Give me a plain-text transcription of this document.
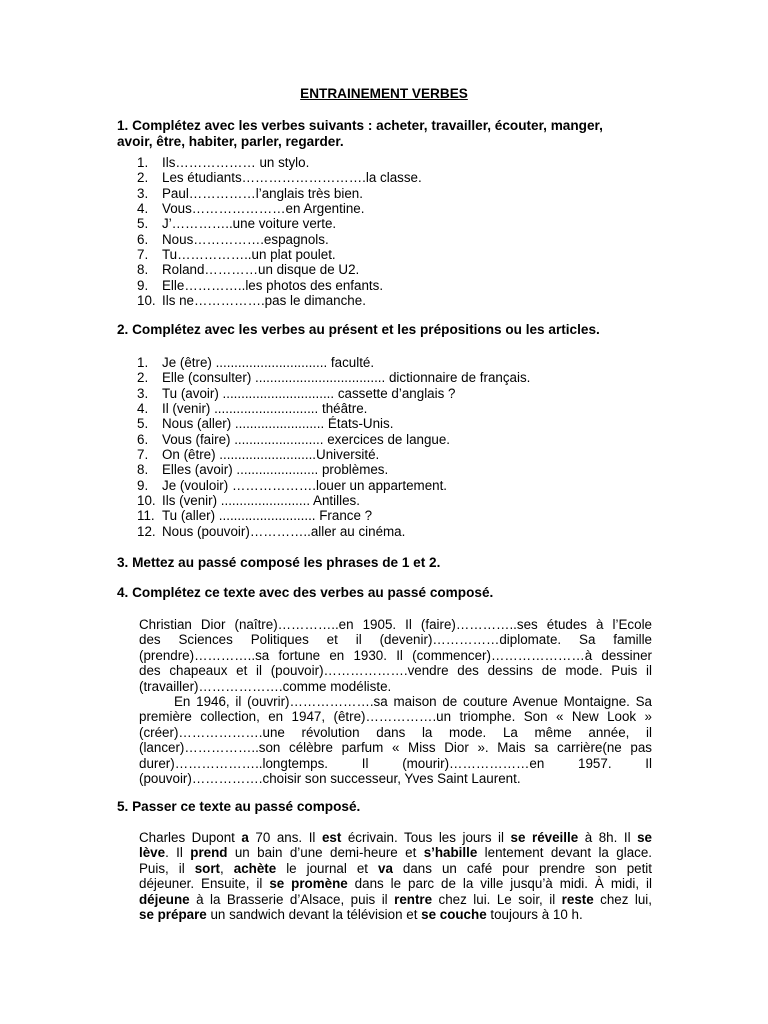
ENTRAINEMENT VERBES
1. Complétez avec les verbes suivants : acheter, travailler, écouter, manger,
avoir, être, habiter, parler, regarder.
1.	Ils……………… un stylo.
2.	Les étudiants……………………….la classe.
3.	Paul……………l’anglais très bien.
4.	Vous…………………en Argentine.
5.	J’…………..une voiture verte.
6.	Nous…………….espagnols.
7.	Tu……………..un plat poulet.
8.	Roland…………un disque de U2.
9.	Elle…………..les photos des enfants.
10. Ils ne…………….pas le dimanche.
2. Complétez avec les verbes au présent et les prépositions ou les articles.
1.	Je (être) .............................. faculté.
2.	Elle (consulter) ................................... dictionnaire de français.
3.	Tu (avoir) .............................. cassette d’anglais ?
4.	Il (venir) ............................ théâtre.
5.	Nous (aller) ........................ États-Unis.
6.	Vous (faire) ........................ exercices de langue.
7.	On (être) ..........................Université.
8.	Elles (avoir) ...................... problèmes.
9.	Je (vouloir) ……………….louer un appartement.
10. Ils (venir) ........................ Antilles.
11. Tu (aller) .......................... France ?
12. Nous (pouvoir)…………..aller au cinéma.
3. Mettez au passé composé les phrases de 1 et 2.
4. Complétez ce texte avec des verbes au passé composé.
Christian Dior (naître)…………..en 1905. Il (faire)…………..ses études à l’Ecole
des Sciences Politiques et il (devenir)……………diplomate. Sa famille
(prendre)…………..sa fortune en 1930. Il (commencer)…………………à dessiner
des chapeaux et il (pouvoir)……………….vendre des dessins de mode. Puis il
(travailler)……………….comme modéliste.
En 1946, il (ouvrir)……………….sa maison de couture Avenue Montaigne. Sa
première collection, en 1947, (être)…………….un triomphe. Son « New Look »
(créer)……………….une révolution dans la mode. La même année, il
(lancer)……………..son célèbre parfum « Miss Dior ». Mais sa carrière(ne pas
durer)………………..longtemps. Il (mourir)………………en 1957. Il
(pouvoir)…………….choisir son successeur, Yves Saint Laurent.
5. Passer ce texte au passé composé.
Charles Dupont a 70 ans. Il est écrivain. Tous les jours il se réveille à 8h. Il se
lève. Il prend un bain d’une demi-heure et s’habille lentement devant la glace.
Puis, il sort, achète le journal et va dans un café pour prendre son petit
déjeuner. Ensuite, il se promène dans le parc de la ville jusqu’à midi. À midi, il
déjeune à la Brasserie d’Alsace, puis il rentre chez lui. Le soir, il reste chez lui,
se prépare un sandwich devant la télévision et se couche toujours à 10 h.
